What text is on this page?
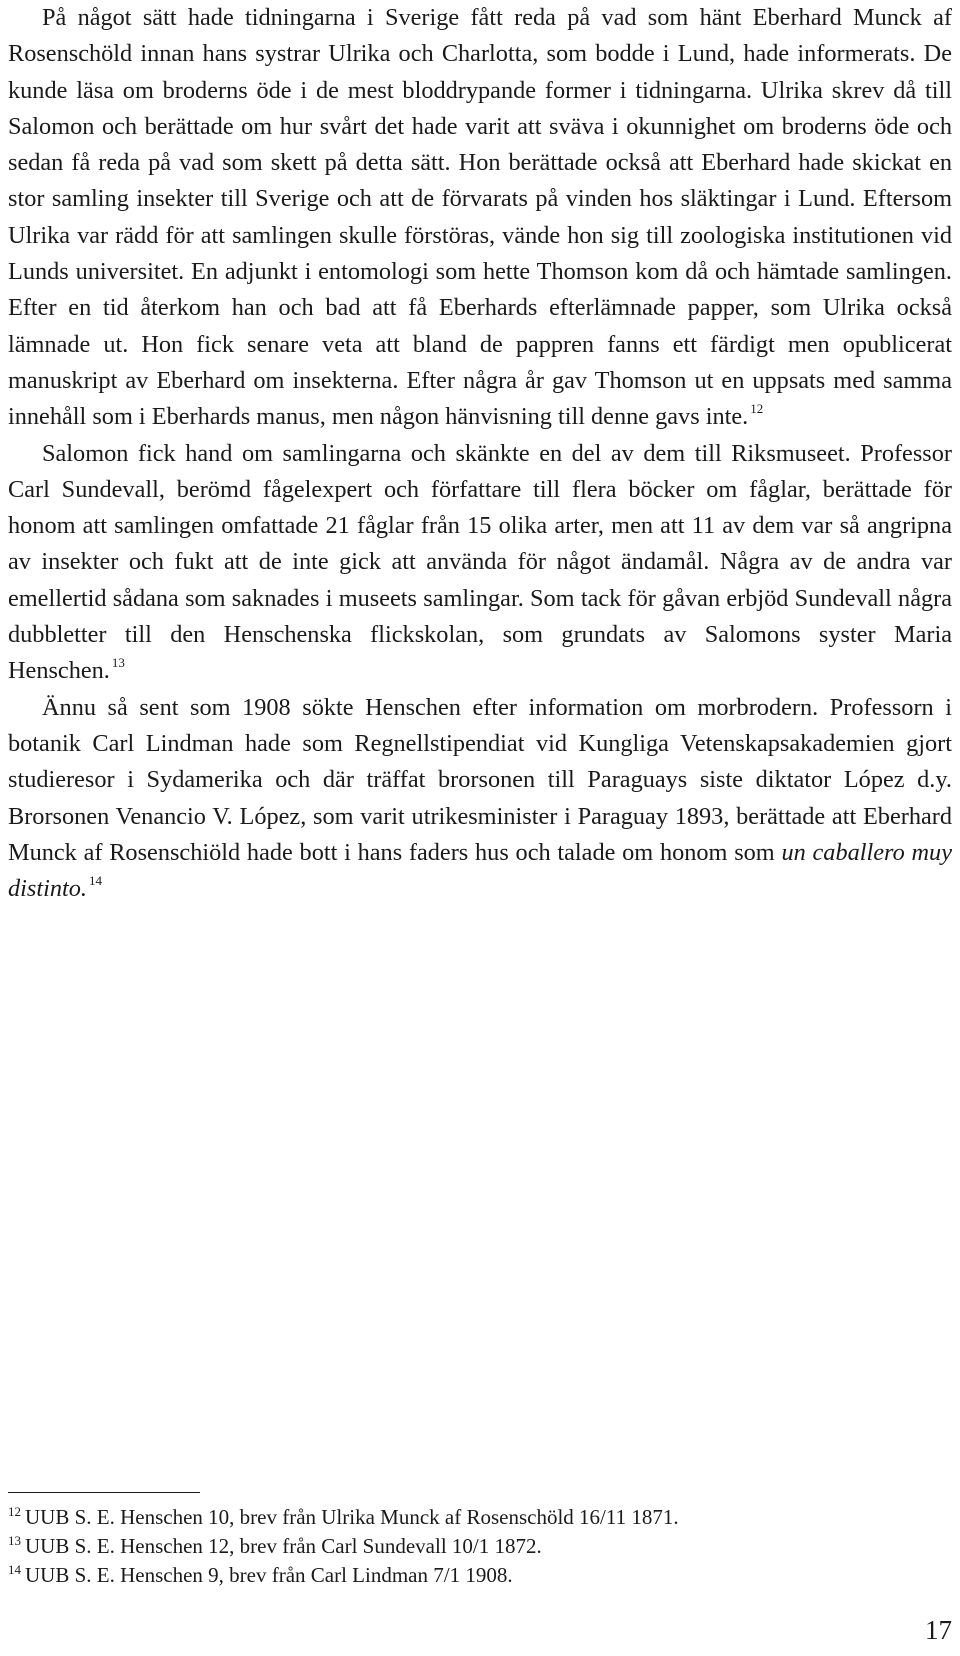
På något sätt hade tidningarna i Sverige fått reda på vad som hänt Eberhard Munck af Rosenschöld innan hans systrar Ulrika och Charlotta, som bodde i Lund, hade informerats. De kunde läsa om broderns öde i de mest bloddrypande former i tidningarna. Ulrika skrev då till Salomon och berättade om hur svårt det hade varit att sväva i okunnighet om broderns öde och sedan få reda på vad som skett på detta sätt. Hon berättade också att Eberhard hade skickat en stor samling insekter till Sverige och att de förvarats på vinden hos släktingar i Lund. Eftersom Ulrika var rädd för att samlingen skulle förstöras, vände hon sig till zoologiska institutionen vid Lunds universitet. En adjunkt i entomologi som hette Thomson kom då och hämtade samlingen. Efter en tid återkom han och bad att få Eberhards efterlämnade papper, som Ulrika också lämnade ut. Hon fick senare veta att bland de pappren fanns ett färdigt men opublicerat manuskript av Eberhard om insekterna. Efter några år gav Thomson ut en uppsats med samma innehåll som i Eberhards manus, men någon hänvisning till denne gavs inte. $^{12}$

Salomon fick hand om samlingarna och skänkte en del av dem till Riksmuseet. Professor Carl Sundevall, berömd fågelexpert och författare till flera böcker om fåglar, berättade för honom att samlingen omfattade 21 fåglar från 15 olika arter, men att 11 av dem var så angripna av insekter och fukt att de inte gick att använda för något ändamål. Några av de andra var emellertid sådana som saknades i museets samlingar. Som tack för gåvan erbjöd Sundevall några dubbletter till den Henschenska flickskolan, som grundats av Salomons syster Maria Henschen. $^{13}$

Ännu så sent som 1908 sökte Henschen efter information om morbrodern. Professorn i botanik Carl Lindman hade som Regnellstipendiat vid Kungliga Vetenskapsakademien gjort studieresor i Sydamerika och där träffat brorsonen till Paraguays siste diktator López d.y. Brorsonen Venancio V. López, som varit utrikesminister i Paraguay 1893, berättade att Eberhard Munck af Rosenschiöld hade bott i hans faders hus och talade om honom som un caballero muy distinto. $^{14}$

$^{12}$ UUB S. E. Henschen 10, brev från Ulrika Munck af Rosenschöld 16/11 1871.

$^{13}$ UUB S. E. Henschen 12, brev från Carl Sundevall 10/1 1872.

$^{14}$ UUB S. E. Henschen 9, brev från Carl Lindman 7/1 1908.

17
